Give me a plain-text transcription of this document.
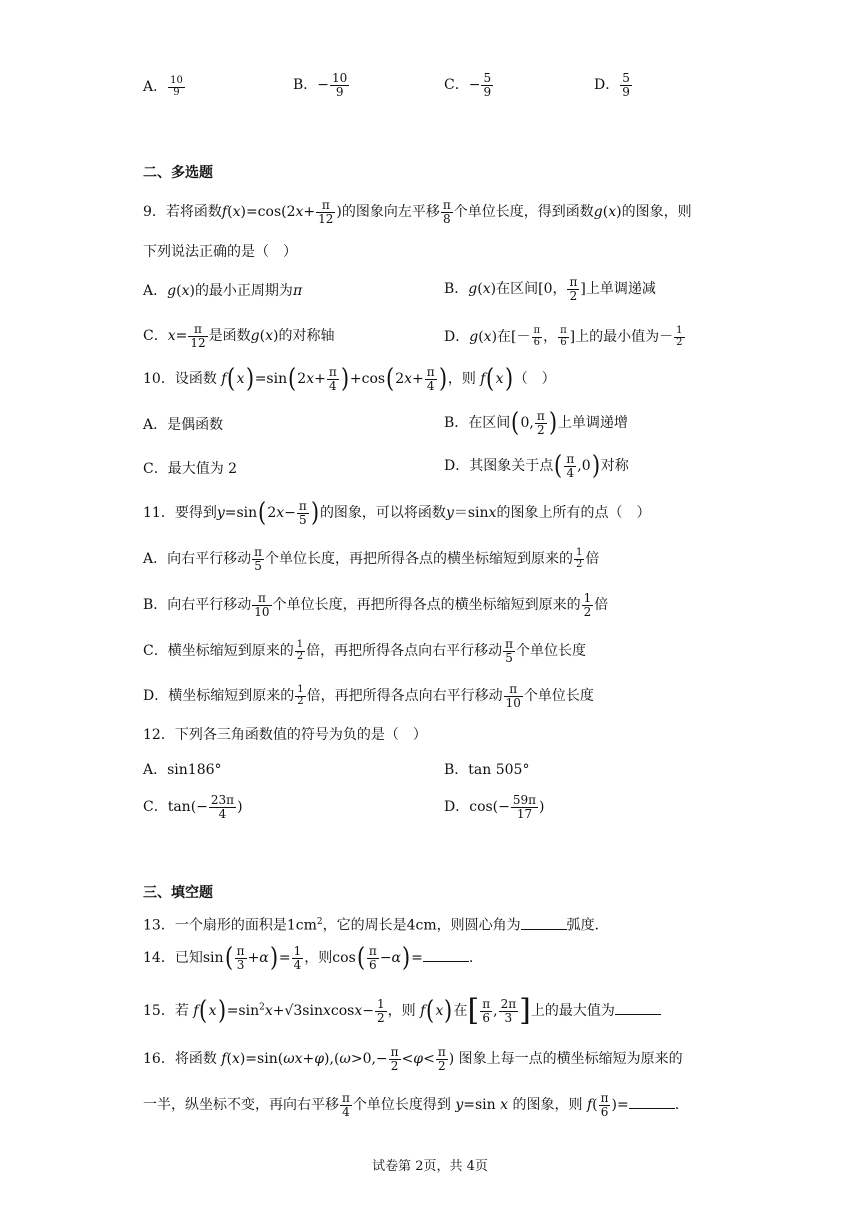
A． $\frac{10}{9}$	B．− $\frac{10}{9}$	C．− $\frac{5}{9}$	D． $\frac{5}{9}$
二、多选题
9．若将函数$f(x)=\cos(2x+ \frac{\pi}{12}$ )的图象向左平移 $\frac{\pi}{8}$ 个单位长度，得到函数g(x)的图象，则
下列说法正确的是（　）
A．g(x)的最小正周期为π	B．g(x)在区间[0， $\frac{\pi}{2}$ ]上单调递减
C．$x= \frac{\pi}{12}$ 是函数g(x)的对称轴	D．g(x)在[－ $\frac{\pi}{6}$ ， $\frac{\pi}{6}$ ]上的最小值为－ $\frac{1}{2}$
10．设函数 $f(x)=\sin(2x+ \frac{\pi}{4} )+\cos(2x+ \frac{\pi}{4}$ )，则 f(x)（　）
A．是偶函数	B．在区间(0, $\frac{\pi}{2}$ )上单调递增
C．最大值为 2	D．其图象关于点( $\frac{\pi}{4} ,0$)对称
11．要得到$y=\sin(2x- \frac{\pi}{5}$ )的图象，可以将函数y＝sinx的图象上所有的点（　）
A．向右平行移动 $\frac{\pi}{5}$ 个单位长度，再把所得各点的横坐标缩短到原来的 $\frac{1}{2}$ 倍
B．向右平行移动 $\frac{\pi}{10}$ 个单位长度，再把所得各点的横坐标缩短到原来的 $\frac{1}{2}$ 倍
C．横坐标缩短到原来的 $\frac{1}{2}$ 倍，再把所得各点向右平行移动 $\frac{\pi}{5}$ 个单位长度
D．横坐标缩短到原来的 $\frac{1}{2}$ 倍，再把所得各点向右平行移动 $\frac{\pi}{10}$ 个单位长度
12．下列各三角函数值的符号为负的是（　）
A．sin186°	B．tan 505°
C．$\tan(- \frac{23\pi}{4}$ )	D．$\cos(- \frac{59\pi}{17}$ )
三、填空题
13．一个扇形的面积是$1cm^2$，它的周长是4cm，则圆心角为	弧度．
14．已知$\sin( \frac{\pi}{3} +\alpha)= \frac{1}{4}$ ，则$\cos( \frac{\pi}{6} -\alpha)=$	.
15．若 $f(x)=\sin^2x+√3sinxcosx- \frac{1}{2}$ ，则 f(x)在[ $\frac{\pi}{6}$ , $\frac{2\pi}{3}$ ]上的最大值为
16．将函数 $f(x)=\sin(\omega x+\varphi),(\omega>0,- \frac{\pi}{2} <\varphi< \frac{\pi}{2}$ ) 图象上每一点的横坐标缩短为原来的
一半，纵坐标不变，再向右平移 $\frac{\pi}{4}$ 个单位长度得到 y=sin x 的图象，则 $f( \frac{\pi}{6}$ )=	.
试卷第 2页，共 4页
